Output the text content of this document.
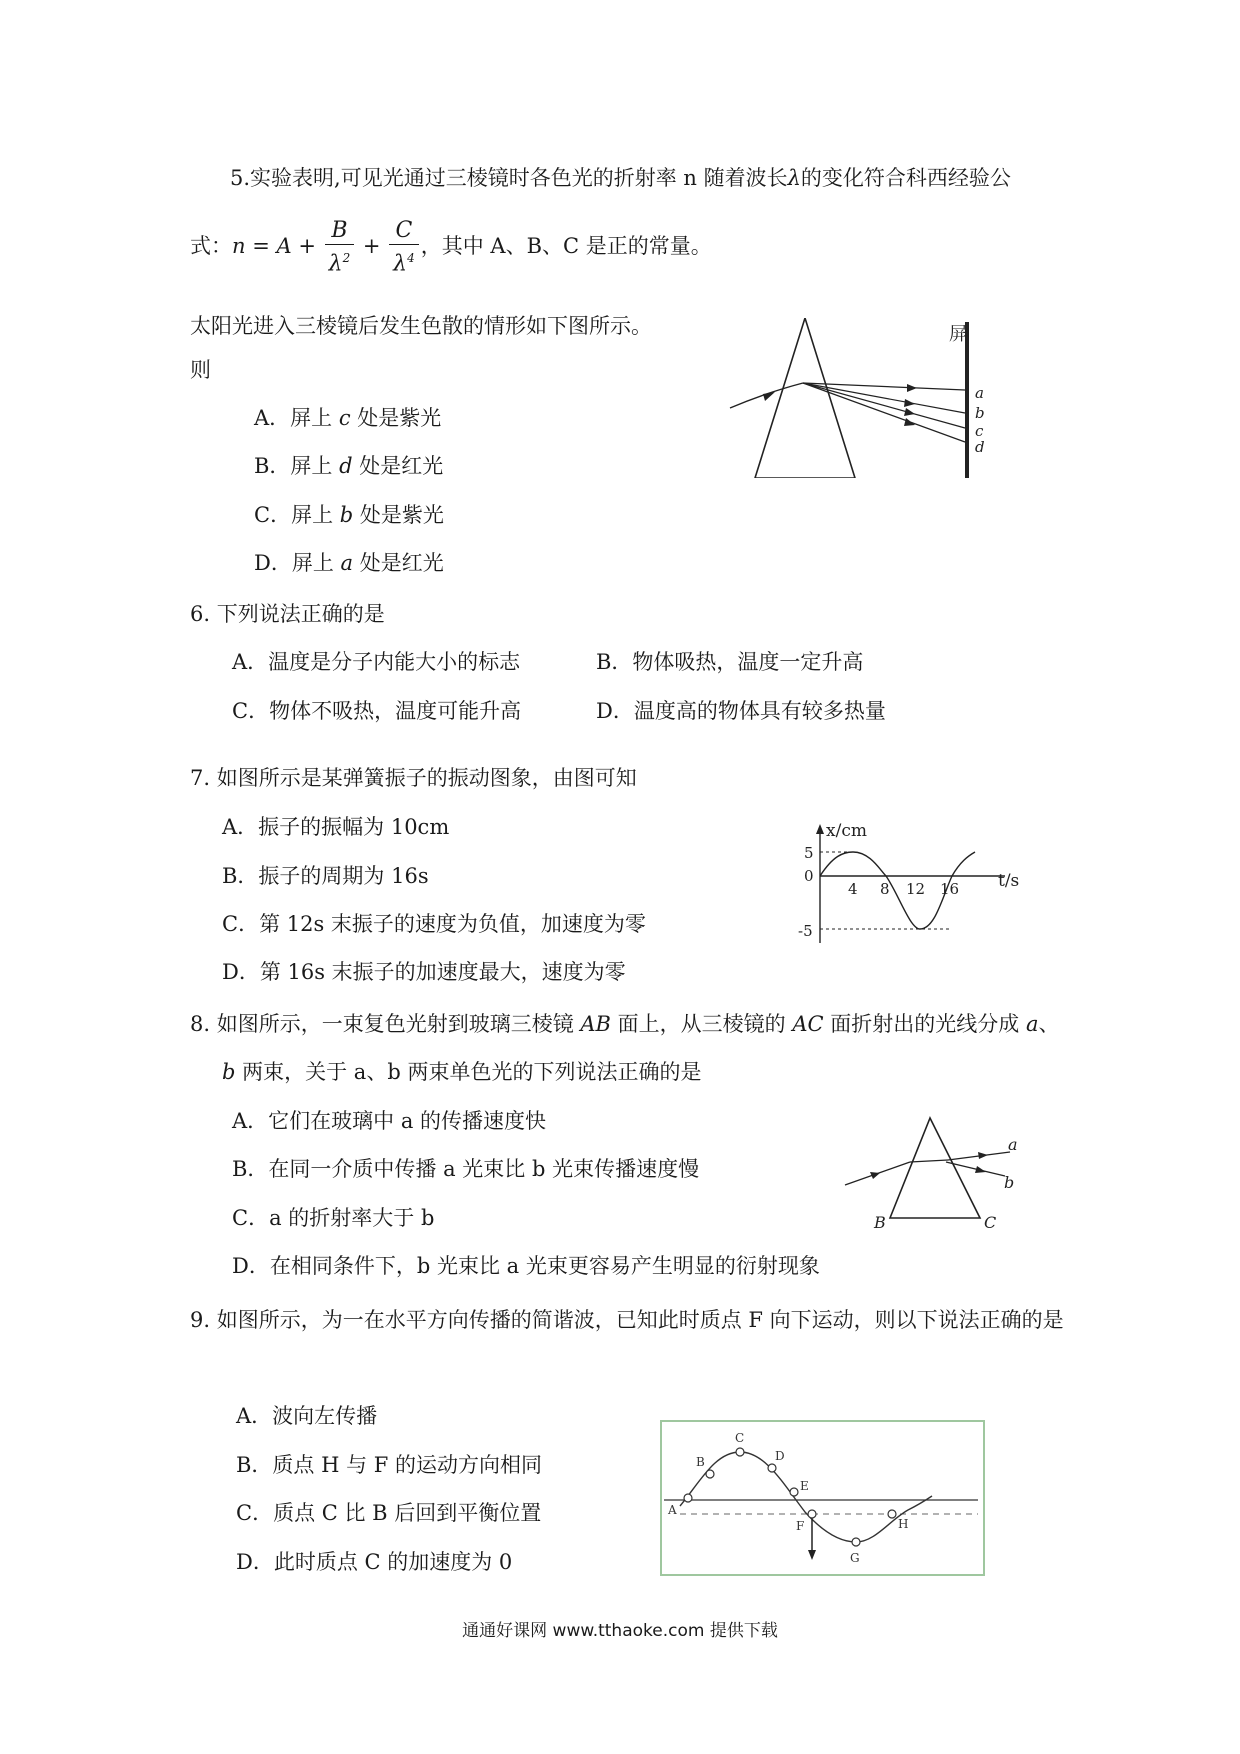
5.实验表明,可见光通过三棱镜时各色光的折射率 n 随着波长λ的变化符合科西经验公
式：$n = A + \frac{B}{\lambda^2} + \frac{C}{\lambda^4}$ ，其中 A、B、C 是正的常量。
太阳光进入三棱镜后发生色散的情形如下图所示。
则
A．屏上 c 处是紫光
B．屏上 d 处是红光
C．屏上 b 处是紫光
D．屏上 a 处是红光
屏
a
b
c
d
6. 下列说法正确的是
A．温度是分子内能大小的标志	B．物体吸热，温度一定升高
C．物体不吸热，温度可能升高	D．温度高的物体具有较多热量
7. 如图所示是某弹簧振子的振动图象，由图可知
A．振子的振幅为 10cm
B．振子的周期为 16s
C．第 12s 末振子的速度为负值，加速度为零
D．第 16s 末振子的加速度最大，速度为零
x/cm
t/s
5
0
-5
4 8 12 16
8. 如图所示，一束复色光射到玻璃三棱镜 AB 面上，从三棱镜的 AC 面折射出的光线分成 a、
b 两束，关于 a、b 两束单色光的下列说法正确的是
A．它们在玻璃中 a 的传播速度快
B．在同一介质中传播 a 光束比 b 光束传播速度慢
C．a 的折射率大于 b
D．在相同条件下，b 光束比 a 光束更容易产生明显的衍射现象
a
b
B	C
9. 如图所示，为一在水平方向传播的简谐波，已知此时质点 F 向下运动，则以下说法正确的是
A．波向左传播
B．质点 H 与 F 的运动方向相同
C．质点 C 比 B 后回到平衡位置
D．此时质点 C 的加速度为 0
A
B
C
D
E
F
G
H
通通好课网 www.tthaoke.com 提供下载
